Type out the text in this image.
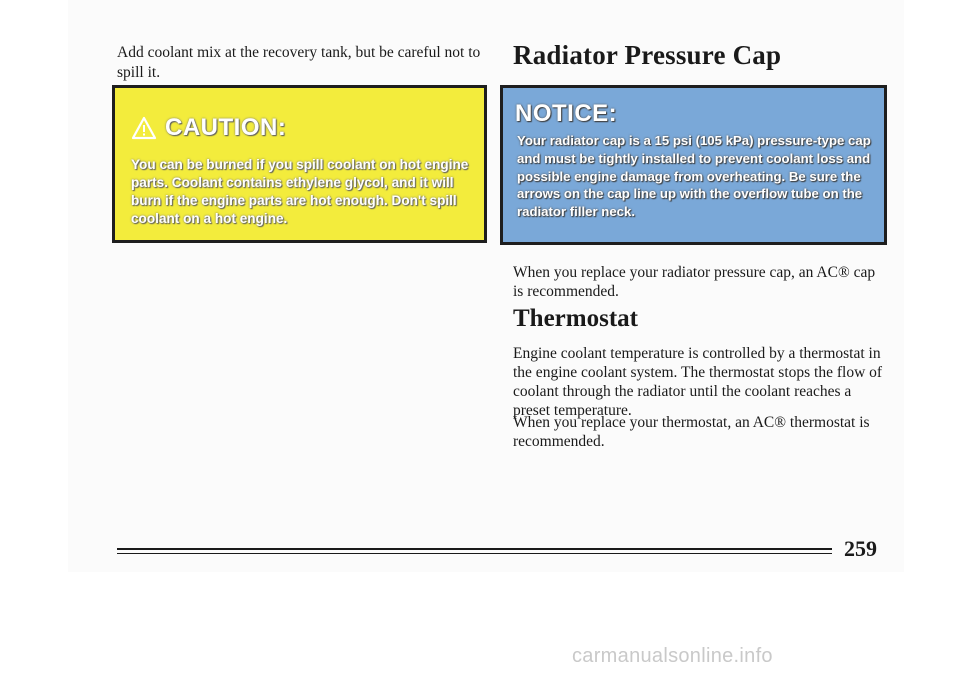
Add coolant mix at the recovery tank, but be careful not to spill it.
CAUTION:
You can be burned if you spill coolant on hot engine parts. Coolant contains ethylene glycol, and it will burn if the engine parts are hot enough. Don't spill coolant on a hot engine.
Radiator Pressure Cap
NOTICE:
Your radiator cap is a 15 psi (105 kPa) pressure-type cap and must be tightly installed to prevent coolant loss and possible engine damage from overheating. Be sure the arrows on the cap line up with the overflow tube on the radiator filler neck.
When you replace your radiator pressure cap, an AC® cap is recommended.
Thermostat
Engine coolant temperature is controlled by a thermostat in the engine coolant system. The thermostat stops the flow of coolant through the radiator until the coolant reaches a preset temperature.
When you replace your thermostat, an AC® thermostat is recommended.
259
carmanualsonline.info
